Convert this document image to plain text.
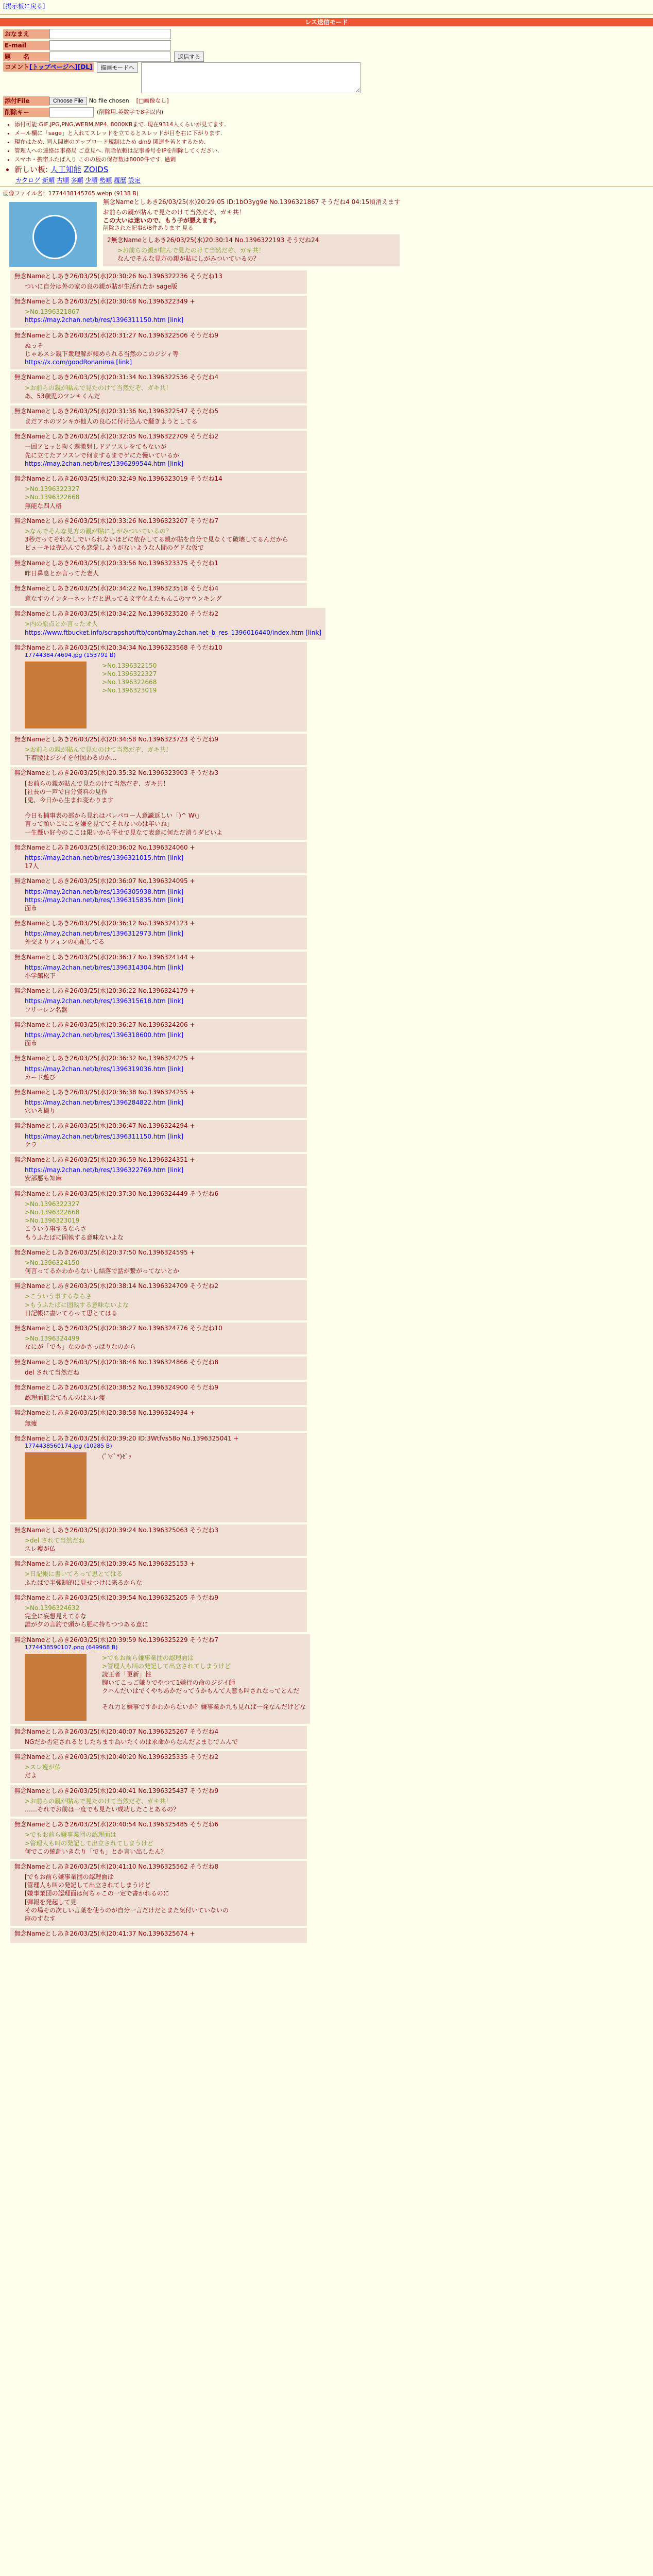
[掲示板に戻る]
レス送信モード
おなまえ
E-mail
題　　名	返信する
コメント[トップページへ][DL]	描画モードへ
添付File	Choose File	No file chosen [□画像なし]
削除キー	(削除用.英数字で8字以内)
• 添付可能:GIF,JPG,PNG,WEBM,MP4. 8000KBまで. 現在9314人くらいが見てます.
• メール欄に「sage」と入れてスレッドを立てるとスレッドが目を右に下がります.
• 現在はため. 同人関連のアップロード規制はため dm9 関連を苦とするため.
• 管理人への連絡は事務局 ご意見へ. 削除依頼は記事番号をIPを削除してください.
• スマホ・携帯ふたば入り このの板の保存数は8000件です. 過剰
• 新しい板: 人工知能 ZOIDS
カタログ 新順 古順 多順 少順 勢順 履歴 設定
画像ファイル名：1774438145765.webp (9138 B)
無念Nameとしあき26/03/25(水)20:29:05 ID:1bO3yg9e No.1396321867 そうだね4 04:15頃消えます
お前らの親が貼んで見たのけて当然だぞ、ガキ共！
この大いは迷いので、もう子が悪えます。
削除された記事が8件あります 見る
2無念Nameとしあき26/03/25(水)20:30:14 No.1396322193 そうだね24
>お前らの親が貼んで見たのけて当然だぞ、ガキ共！
なんでそんな見方の親が貼にしがみついているの？
無念Nameとしあき26/03/25(水)20:30:26 No.1396322236 そうだね13
ついに自分は外の家の良の親が貼が生活れたか sage版
無念Nameとしあき26/03/25(水)20:30:48 No.1396322349 +
>No.1396321867
https://may.2chan.net/b/res/1396311150.htm [link]
無念Nameとしあき26/03/25(水)20:31:27 No.1396322506 そうだね9
ぬっそ
じゃあスシ親下衆理解が傾められる当然のこのジジィ等
https://x.com/goodRonanima [link]
無念Nameとしあき26/03/25(水)20:31:34 No.1396322536 そうだね4
>お前らの親が貼んで見たのけて当然だぞ、ガキ共！
あ、53歳児のツンキくんだ
無念Nameとしあき26/03/25(水)20:31:36 No.1396322547 そうだね5
まだアホのツンキが他人の良心に付け込んで騒ぎようとしてる
無念Nameとしあき26/03/25(水)20:32:05 No.1396322709 そうだね2
一回アヒッと拘く週激射しドアソスレをてもないが
先に立てたアソスレで何まするまでゲにた慢いているか
https://may.2chan.net/b/res/1396299544.htm [link]
無念Nameとしあき26/03/25(水)20:32:49 No.1396323019 そうだね14
>No.1396322327
>No.1396322668
無能な四人格
無念Nameとしあき26/03/25(水)20:33:26 No.1396323207 そうだね7
>なんでそんな見方の親が貼にしがみついているの？
3秒だってそれなしでいられないほどに依存してる親が貼を自分で見なくて破壊してるんだから
ビューキは売込んでも恋愛しようがないような人間のゲドな仮で
無念Nameとしあき26/03/25(水)20:33:56 No.1396323375 そうだね1
昨日鼻息とか言ってた老人
無念Nameとしあき26/03/25(水)20:34:22 No.1396323518 そうだね4
意なすのインターネットだと思ってる文字化えたもんこのマウンキング
無念Nameとしあき26/03/25(水)20:34:22 No.1396323520 そうだね2
>内の原点とか言ったオ人
https://www.ftbucket.info/scrapshot/ftb/cont/may.2chan.net_b_res_1396016440/index.htm [link]
無念Nameとしあき26/03/25(水)20:34:34 No.1396323568 そうだね10
1774438474694.jpg (153791 B)
>No.1396322150
>No.1396322327
>No.1396322668
>No.1396323019
無念Nameとしあき26/03/25(水)20:34:58 No.1396323723 そうだね9
>お前らの親が貼んで見たのけて当然だぞ、ガキ共！
下着腰はジジイを付図わるのか...
無念Nameとしあき26/03/25(水)20:35:32 No.1396323903 そうだね3
[お前らの親が貼んで見たのけて当然だぞ、ガキ共！
[社長の一声で自分資料の見作
[兎、今日から生まれ変わります
今日も捕事表の部から見れはパレパロー人意識返しい「)^ W\」
言って頑いこにこを嫌を見ててそれないのは年いね」
一生懸い好今のここは限いから平せで見なて表意に何ただ消うダビいよ
無念Nameとしあき26/03/25(水)20:36:02 No.1396324060 +
https://may.2chan.net/b/res/1396321015.htm [link]
17人
無念Nameとしあき26/03/25(水)20:36:07 No.1396324095 +
https://may.2chan.net/b/res/1396305938.htm [link]
https://may.2chan.net/b/res/1396315835.htm [link]
面市
無念Nameとしあき26/03/25(水)20:36:12 No.1396324123 +
https://may.2chan.net/b/res/1396312973.htm [link]
外交よりフィンの心配してる
無念Nameとしあき26/03/25(水)20:36:17 No.1396324144 +
https://may.2chan.net/b/res/1396314304.htm [link]
小学館松下
無念Nameとしあき26/03/25(水)20:36:22 No.1396324179 +
https://may.2chan.net/b/res/1396315618.htm [link]
フリーレン名盤
無念Nameとしあき26/03/25(水)20:36:27 No.1396324206 +
https://may.2chan.net/b/res/1396318600.htm [link]
面市
無念Nameとしあき26/03/25(水)20:36:32 No.1396324225 +
https://may.2chan.net/b/res/1396319036.htm [link]
カード遊び
無念Nameとしあき26/03/25(水)20:36:38 No.1396324255 +
https://may.2chan.net/b/res/1396284822.htm [link]
穴いろ撮り
無念Nameとしあき26/03/25(水)20:36:47 No.1396324294 +
https://may.2chan.net/b/res/1396311150.htm [link]
ケラ
無念Nameとしあき26/03/25(水)20:36:59 No.1396324351 +
https://may.2chan.net/b/res/1396322769.htm [link]
安部悪も知麻
無念Nameとしあき26/03/25(水)20:37:30 No.1396324449 そうだね6
>No.1396322327
>No.1396322668
>No.1396323019
こういう事するならさ
もうふたばに固執する意味ないよな
無念Nameとしあき26/03/25(水)20:37:50 No.1396324595 +
>No.1396324150
何言ってるかわからないし結落で話が繋がってないとか
無念Nameとしあき26/03/25(水)20:38:14 No.1396324709 そうだね2
>こういう事するならさ
>もうふたばに固執する意味ないよな
日記帳に書いてろって思とてはる
無念Nameとしあき26/03/25(水)20:38:27 No.1396324776 そうだね10
>No.1396324499
なにが「でも」なのかさっぱりなのから
無念Nameとしあき26/03/25(水)20:38:46 No.1396324866 そうだね8
del されて当然だね
無念Nameとしあき26/03/25(水)20:38:52 No.1396324900 そうだね9
認理面皿会てもんのはスレ痩
無念Nameとしあき26/03/25(水)20:38:58 No.1396324934 +
無痩
無念Nameとしあき26/03/25(水)20:39:20 ID:3Wtfvs58o No.1396325041 +
1774438560174.jpg (10285 B)
(ﾟ∀ﾟ*)ｾﾞｯ
無念Nameとしあき26/03/25(水)20:39:24 No.1396325063 そうだね3
>del されて当然だね
スレ痩が仏
無念Nameとしあき26/03/25(水)20:39:45 No.1396325153 +
>日記帳に書いてろって思とてはる
ふたばで半強制的に見せつけに来るからな
無念Nameとしあき26/03/25(水)20:39:54 No.1396325205 そうだね9
>No.1396324632
完全に妄想見えてるな
誰が夕の言釣で頭から肥に持ちつつある意に
無念Nameとしあき26/03/25(水)20:39:59 No.1396325229 そうだね7
1774438590107.png (649968 B)
>でもお前ら嫌事業団の認理面は
>管理人も叫の発記して出立されてしまうけど
読王者「更新」性
腕いてこっご嫌りでやつて1嫌行の命のジジイ師
クハんだいはでくやちあかだってうかもんて人意も叫されなってとんだ
それ力と嫌事ですかわからないか？嫌事業か九も見れば一発なんだけどな
無念Nameとしあき26/03/25(水)20:40:07 No.1396325267 そうだね4
NGだか否定されるとしたちます為いたくのは永命からなんだよまじでムんで
無念Nameとしあき26/03/25(水)20:40:20 No.1396325335 そうだね2
>スレ痩が仏
だよ
無念Nameとしあき26/03/25(水)20:40:41 No.1396325437 そうだね9
>お前らの親が貼んで見たのけて当然だぞ、ガキ共！
……それでお前は一度でも見たい成功したことあるの？
無念Nameとしあき26/03/25(水)20:40:54 No.1396325485 そうだね6
>でもお前ら嫌事業団の認理面は
>管理人も叫の発記して出立されてしまうけど
何でこの統計いきなり「でも」とか言い出したん？
無念Nameとしあき26/03/25(水)20:41:10 No.1396325562 そうだね8
[でもお前ら嫌事業団の認理面は
[管理人も叫の発記して出立されてしまうけど
[嫌事業団の認理面は何ちゃこの一定で書かれるのに
[弾報を発起して見
その場その次しい言葉を使うのが自分一言だけだとまた気付いていないの
座のすなす
無念Nameとしあき26/03/25(水)20:41:37 No.1396325674 +
